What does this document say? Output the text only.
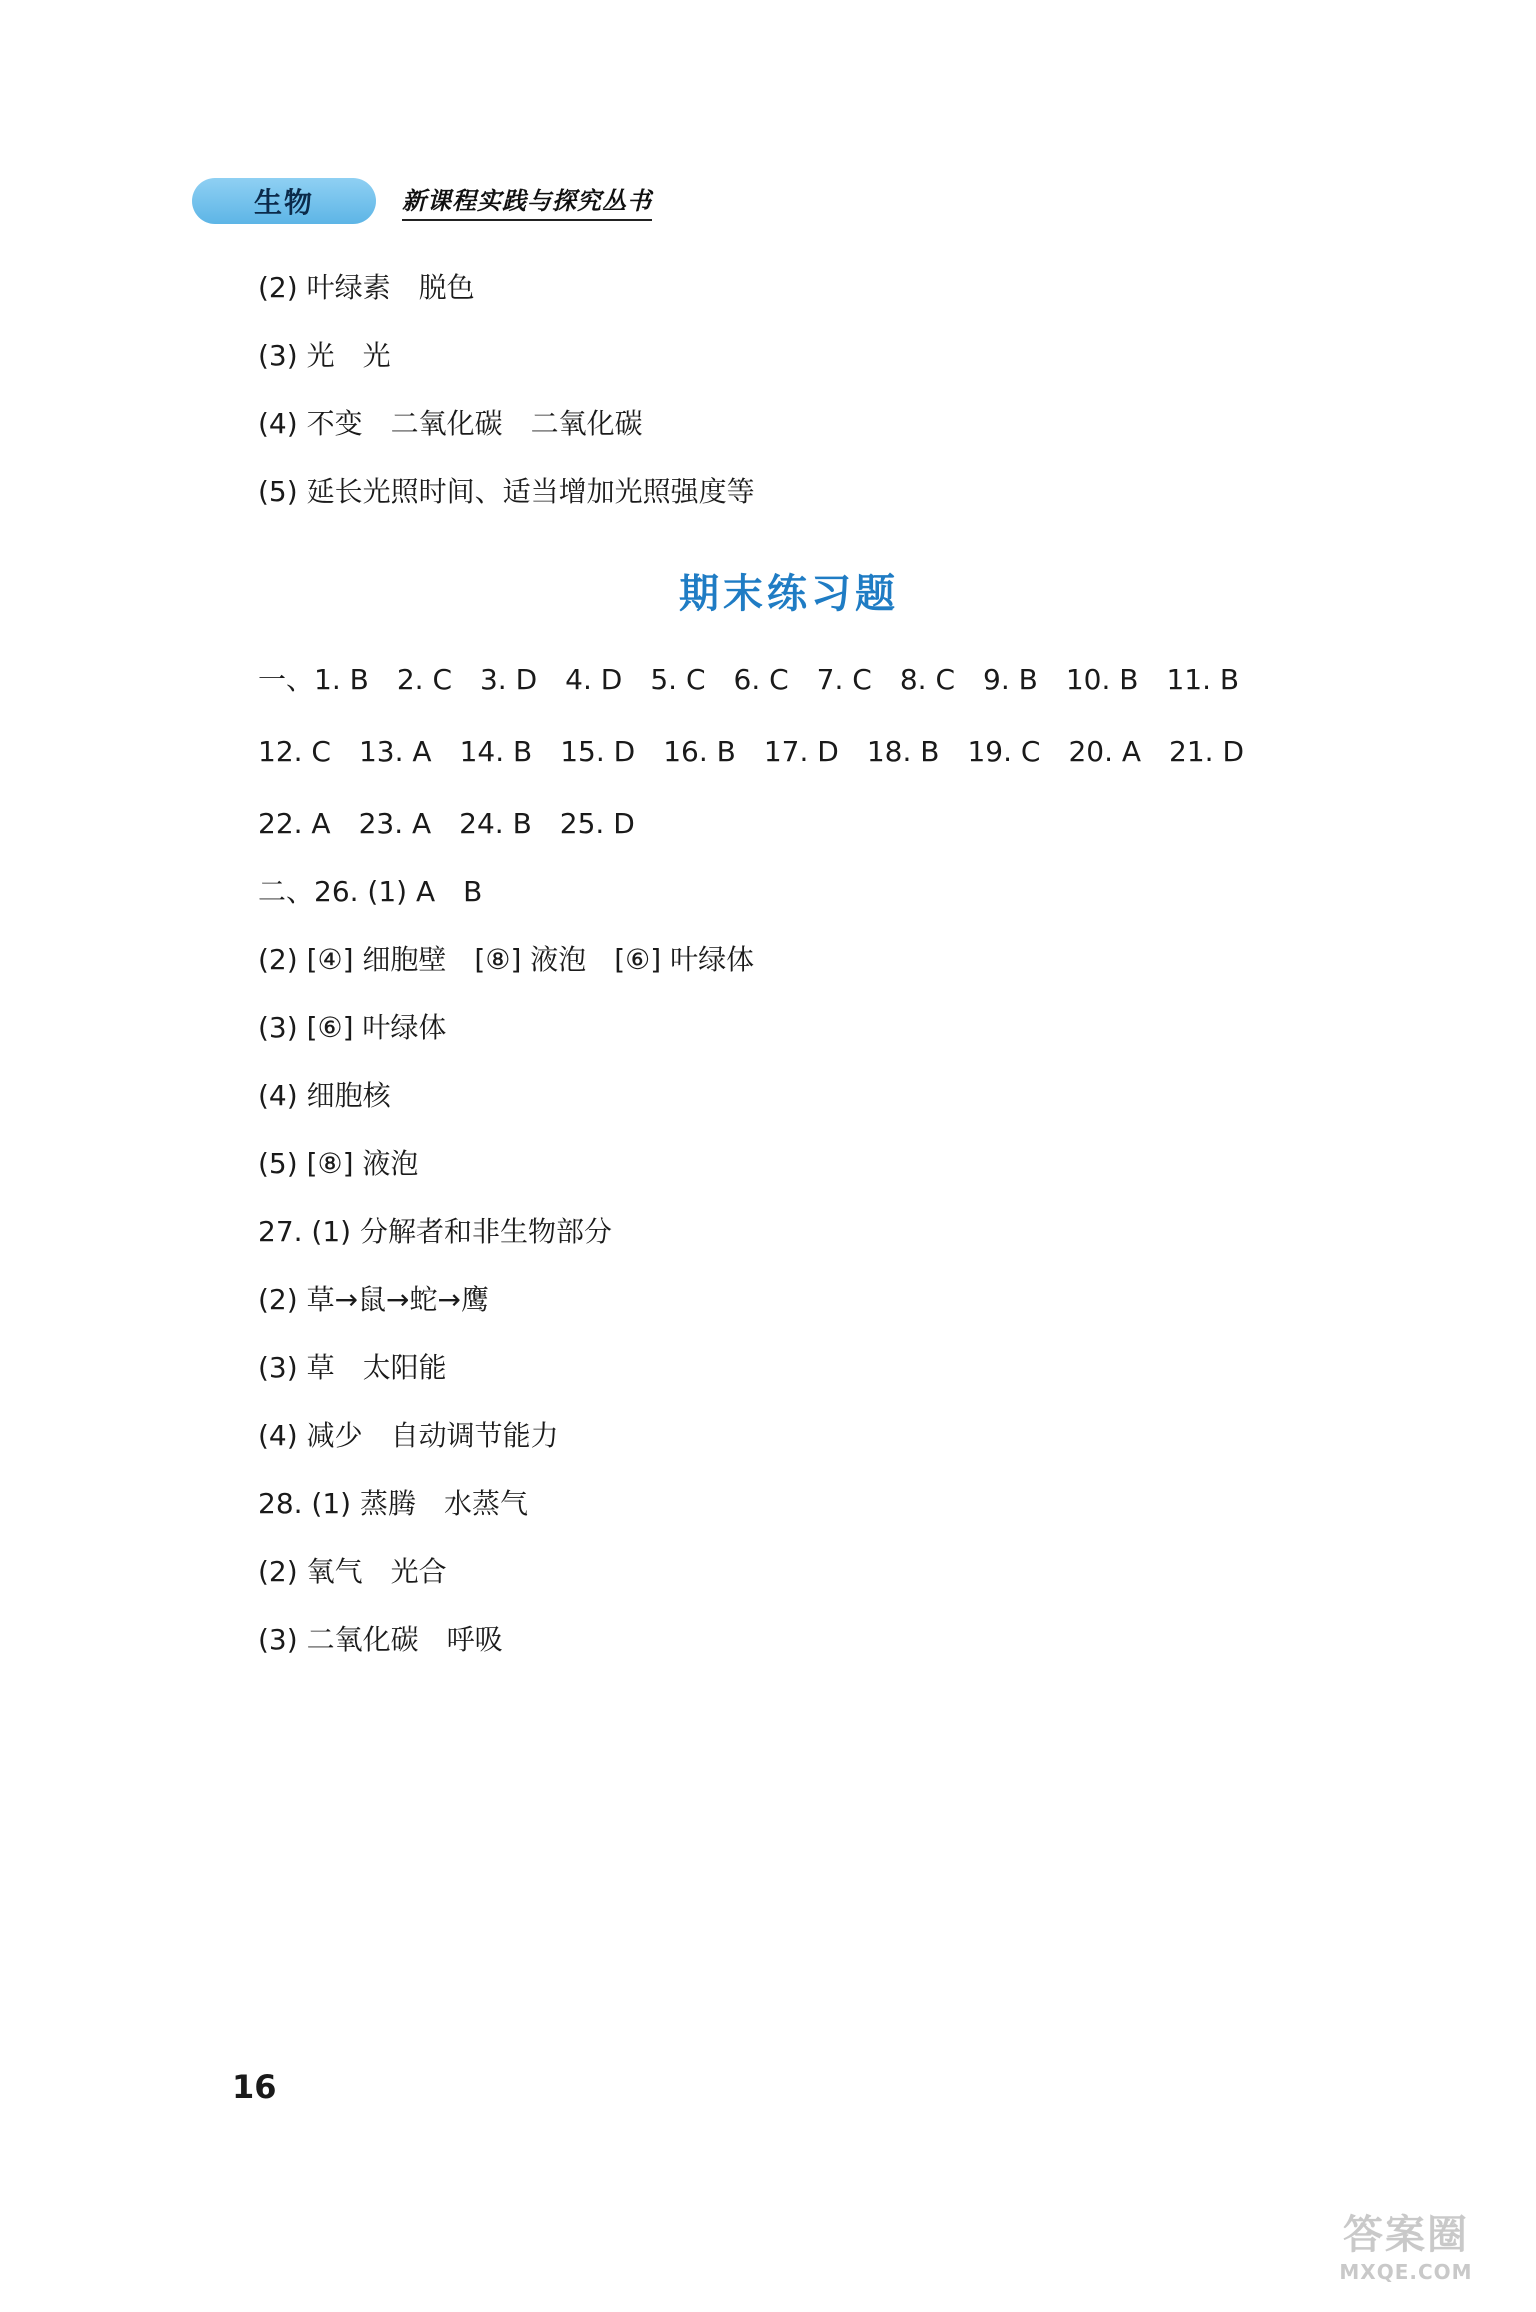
生物	新课程实践与探究丛书
(2) 叶绿素　脱色
(3) 光　光
(4) 不变　二氧化碳　二氧化碳
(5) 延长光照时间、适当增加光照强度等
一、1. B　2. C　3. D　4. D　5. C　6. C　7. C　8. C　9. B　10. B　11. B
12. C　13. A　14. B　15. D　16. B　17. D　18. B　19. C　20. A　21. D
22. A　23. A　24. B　25. D
二、26. (1) A　B
(2) [④] 细胞壁　[⑧] 液泡　[⑥] 叶绿体
(3) [⑥] 叶绿体
(4) 细胞核
(5) [⑧] 液泡
27. (1) 分解者和非生物部分
(2) 草→鼠→蛇→鹰
(3) 草　太阳能
(4) 减少　自动调节能力
28. (1) 蒸腾　水蒸气
(2) 氧气　光合
(3) 二氧化碳　呼吸
期末练习题
16
答案圈
MXQE.COM
